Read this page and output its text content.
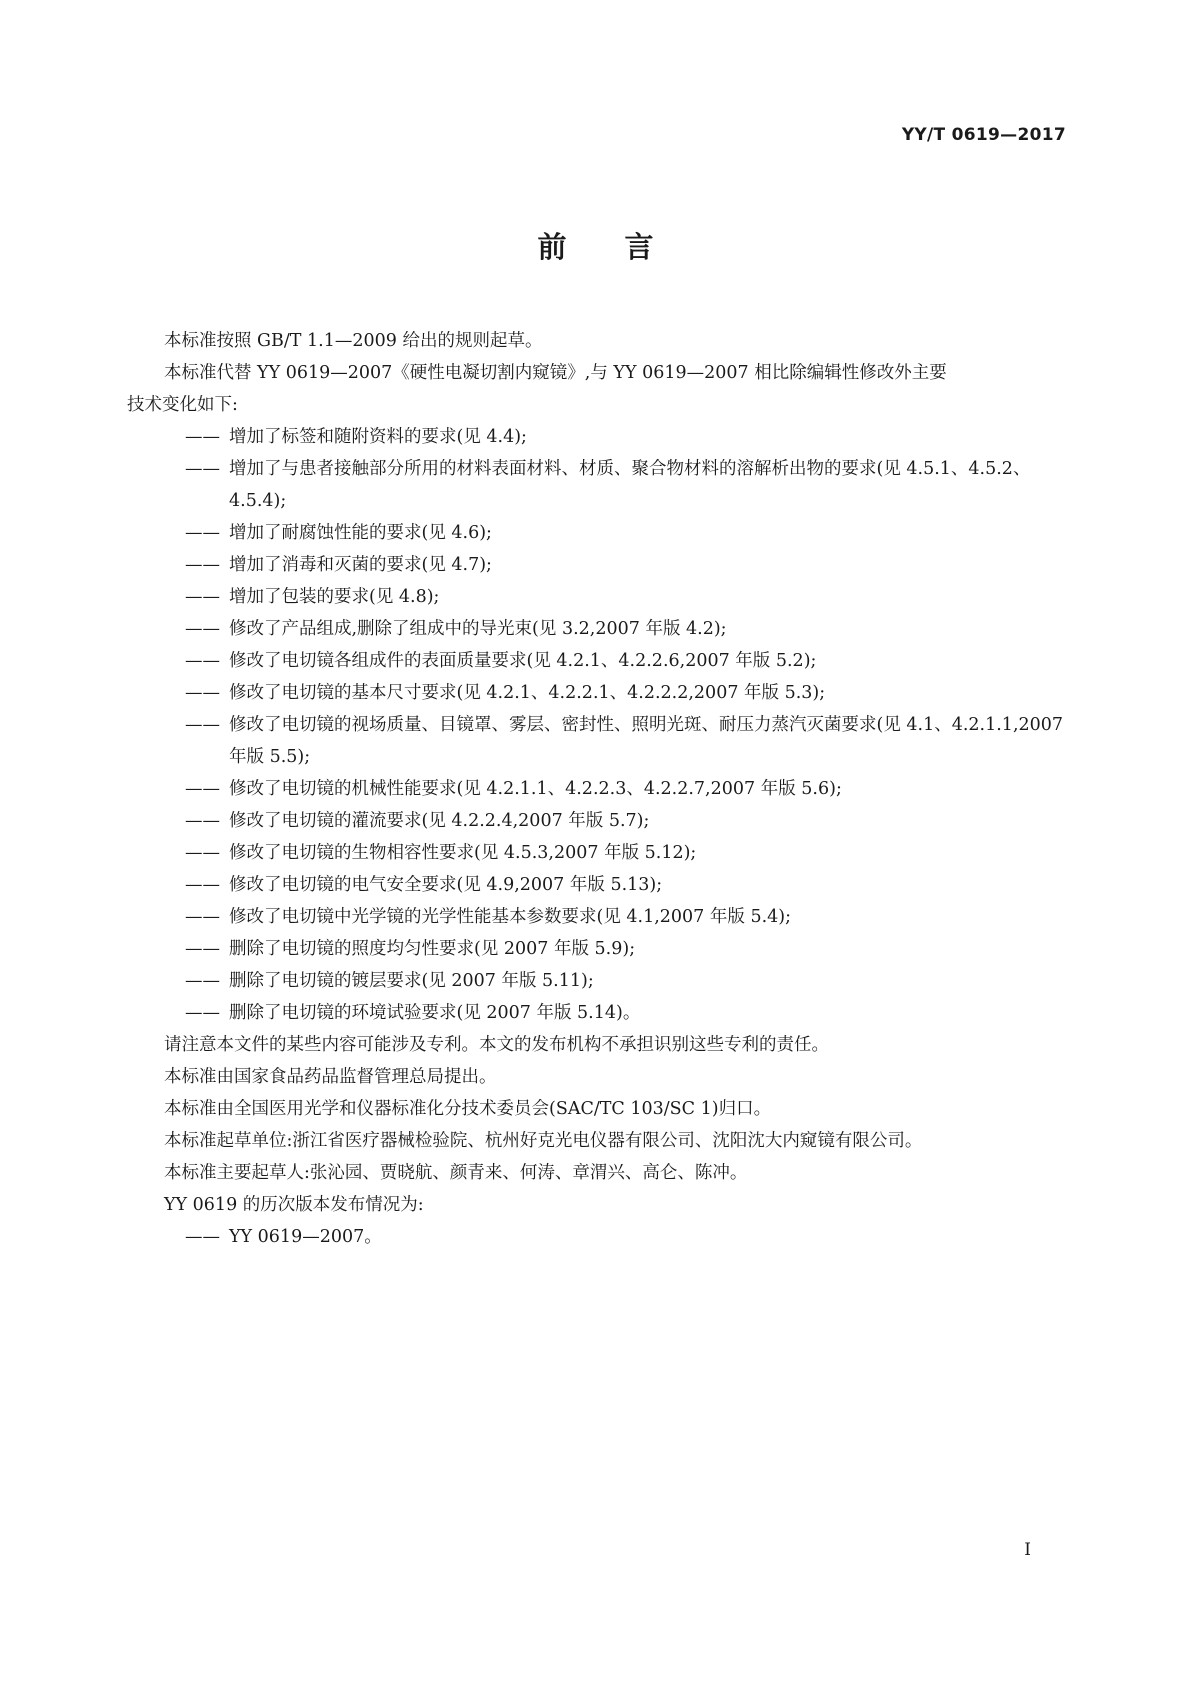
YY/T 0619—2017
前 言

本标准按照 GB/T 1.1—2009 给出的规则起草。

本标准代替 YY 0619—2007《硬性电凝切割内窥镜》,与 YY 0619—2007 相比除编辑性修改外主要

技术变化如下:

—— 增加了标签和随附资料的要求(见 4.4);
—— 增加了与患者接触部分所用的材料表面材料、材质、聚合物材料的溶解析出物的要求(见 4.5.1、4.5.2、4.5.4);
—— 增加了耐腐蚀性能的要求(见 4.6);
—— 增加了消毒和灭菌的要求(见 4.7);
—— 增加了包装的要求(见 4.8);
—— 修改了产品组成,删除了组成中的导光束(见 3.2,2007 年版 4.2);
—— 修改了电切镜各组成件的表面质量要求(见 4.2.1、4.2.2.6,2007 年版 5.2);
—— 修改了电切镜的基本尺寸要求(见 4.2.1、4.2.2.1、4.2.2.2,2007 年版 5.3);
—— 修改了电切镜的视场质量、目镜罩、雾层、密封性、照明光斑、耐压力蒸汽灭菌要求(见 4.1、4.2.1.1,2007 年版 5.5);
—— 修改了电切镜的机械性能要求(见 4.2.1.1、4.2.2.3、4.2.2.7,2007 年版 5.6);
—— 修改了电切镜的灌流要求(见 4.2.2.4,2007 年版 5.7);
—— 修改了电切镜的生物相容性要求(见 4.5.3,2007 年版 5.12);
—— 修改了电切镜的电气安全要求(见 4.9,2007 年版 5.13);
—— 修改了电切镜中光学镜的光学性能基本参数要求(见 4.1,2007 年版 5.4);
—— 删除了电切镜的照度均匀性要求(见 2007 年版 5.9);
—— 删除了电切镜的镀层要求(见 2007 年版 5.11);
—— 删除了电切镜的环境试验要求(见 2007 年版 5.14)。

请注意本文件的某些内容可能涉及专利。本文的发布机构不承担识别这些专利的责任。

本标准由国家食品药品监督管理总局提出。

本标准由全国医用光学和仪器标准化分技术委员会(SAC/TC 103/SC 1)归口。

本标准起草单位:浙江省医疗器械检验院、杭州好克光电仪器有限公司、沈阳沈大内窥镜有限公司。

本标准主要起草人:张沁园、贾晓航、颜青来、何涛、章渭兴、高仑、陈冲。

YY 0619 的历次版本发布情况为:

—— YY 0619—2007。
I
